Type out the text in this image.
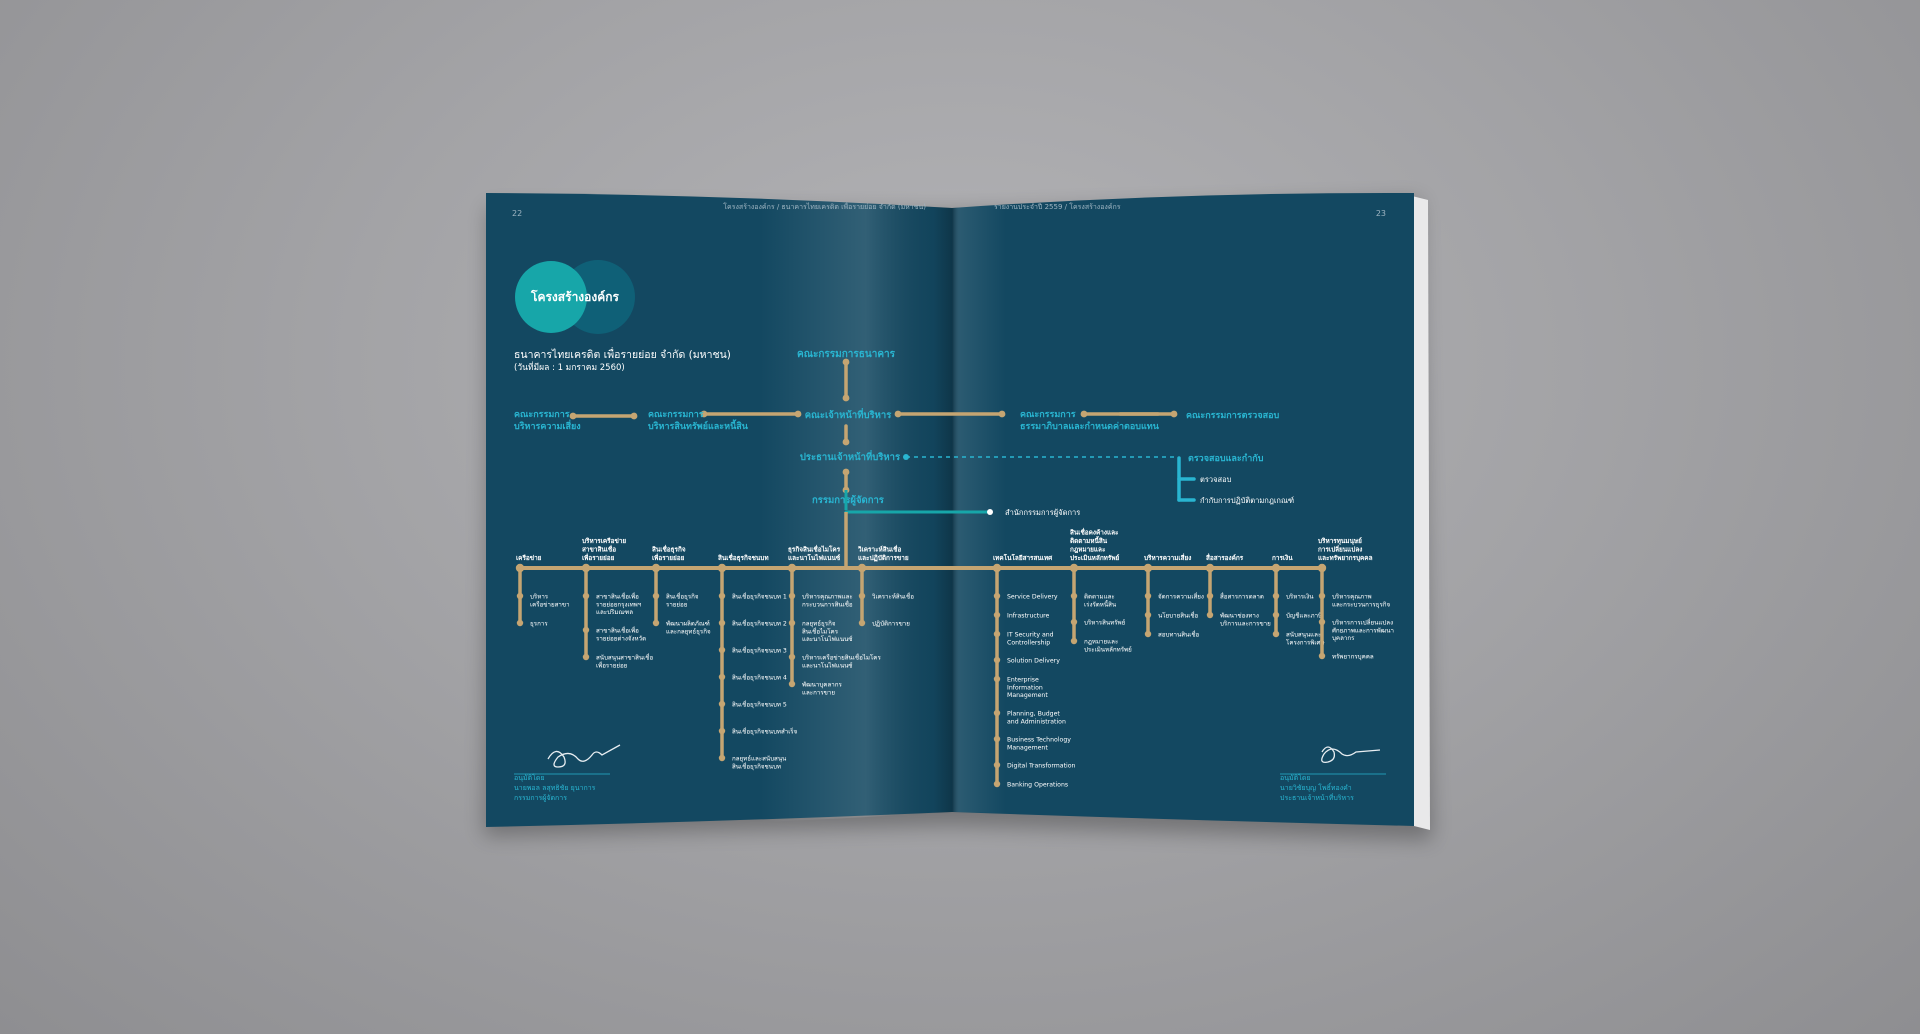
22
โครงสร้างองค์กร / ธนาคารไทยเครดิต เพื่อรายย่อย จำกัด (มหาชน)	รายงานประจำปี 2559 / โครงสร้างองค์กร
23
โครงสร้างองค์กร
ธนาคารไทยเครดิต เพื่อรายย่อย จำกัด (มหาชน)
(วันที่มีผล : 1 มกราคม 2560)
คณะกรรมการธนาคาร
คณะเจ้าหน้าที่บริหาร
คณะกรรมการ
บริหารความเสี่ยง
คณะกรรมการ
บริหารสินทรัพย์และหนี้สิน
คณะกรรมการ
ธรรมาภิบาลและกำหนดค่าตอบแทน
คณะกรรมการตรวจสอบ
ประธานเจ้าหน้าที่บริหาร
กรรมการผู้จัดการ
ตรวจสอบและกำกับ
ตรวจสอบ
กำกับการปฏิบัติตามกฎเกณฑ์
สำนักกรรมการผู้จัดการ
เครือข่าย
บริหาร
เครือข่ายสาขา
ธุรการ
บริหารเครือข่าย
สาขาสินเชื่อ
เพื่อรายย่อย
สาขาสินเชื่อเพื่อ
รายย่อยกรุงเทพฯ
และปริมณฑล
สาขาสินเชื่อเพื่อ
รายย่อยต่างจังหวัด
สนับสนุนสาขาสินเชื่อ
เพื่อรายย่อย
สินเชื่อธุรกิจ
เพื่อรายย่อย
สินเชื่อธุรกิจ
รายย่อย
พัฒนาผลิตภัณฑ์
และกลยุทธ์ธุรกิจ
สินเชื่อธุรกิจชนบท
สินเชื่อธุรกิจชนบท 1
สินเชื่อธุรกิจชนบท 2
สินเชื่อธุรกิจชนบท 3
สินเชื่อธุรกิจชนบท 4
สินเชื่อธุรกิจชนบท 5
สินเชื่อธุรกิจชนบทสำเร็จ
กลยุทธ์และสนับสนุน
สินเชื่อธุรกิจชนบท
ธุรกิจสินเชื่อไมโคร
และนาโนไฟแนนซ์
บริหารคุณภาพและ
กระบวนการสินเชื่อ
กลยุทธ์ธุรกิจ
สินเชื่อไมโคร
และนาโนไฟแนนซ์
บริหารเครือข่ายสินเชื่อไมโคร
และนาโนไฟแนนซ์
พัฒนาบุคลากร
และการขาย
วิเคราะห์สินเชื่อ
และปฏิบัติการขาย
วิเคราะห์สินเชื่อ
ปฏิบัติการขาย
เทคโนโลยีสารสนเทศ
Service Delivery
Infrastructure
IT Security and
Controllership
Solution Delivery
Enterprise
Information
Management
Planning, Budget
and Administration
Business Technology
Management
Digital Transformation
Banking Operations
สินเชื่อคงค้างและ
ติดตามหนี้สิน
กฎหมายและ
ประเมินหลักทรัพย์
ติดตามและ
เร่งรัดหนี้สิน
บริหารสินทรัพย์
กฎหมายและ
ประเมินหลักทรัพย์
บริหารความเสี่ยง
จัดการความเสี่ยง
นโยบายสินเชื่อ
สอบทานสินเชื่อ
สื่อสารองค์กร
สื่อสารการตลาด
พัฒนาช่องทาง
บริการและการขาย
การเงิน
บริหารเงิน
บัญชีและภาษี
สนับสนุนและ
โครงการพิเศษ
บริหารทุนมนุษย์
การเปลี่ยนแปลง
และทรัพยากรบุคคล
บริหารคุณภาพ
และกระบวนการธุรกิจ
บริหารการเปลี่ยนแปลง
ศักยภาพและการพัฒนา
บุคลากร
ทรัพยากรบุคคล
อนุมัติโดย
นายพอล ลสุทธิชัย ยุนาการ
กรรมการผู้จัดการ
อนุมัติโดย
นายวิชัยบุญ โพธิ์ทองคำ
ประธานเจ้าหน้าที่บริหาร
